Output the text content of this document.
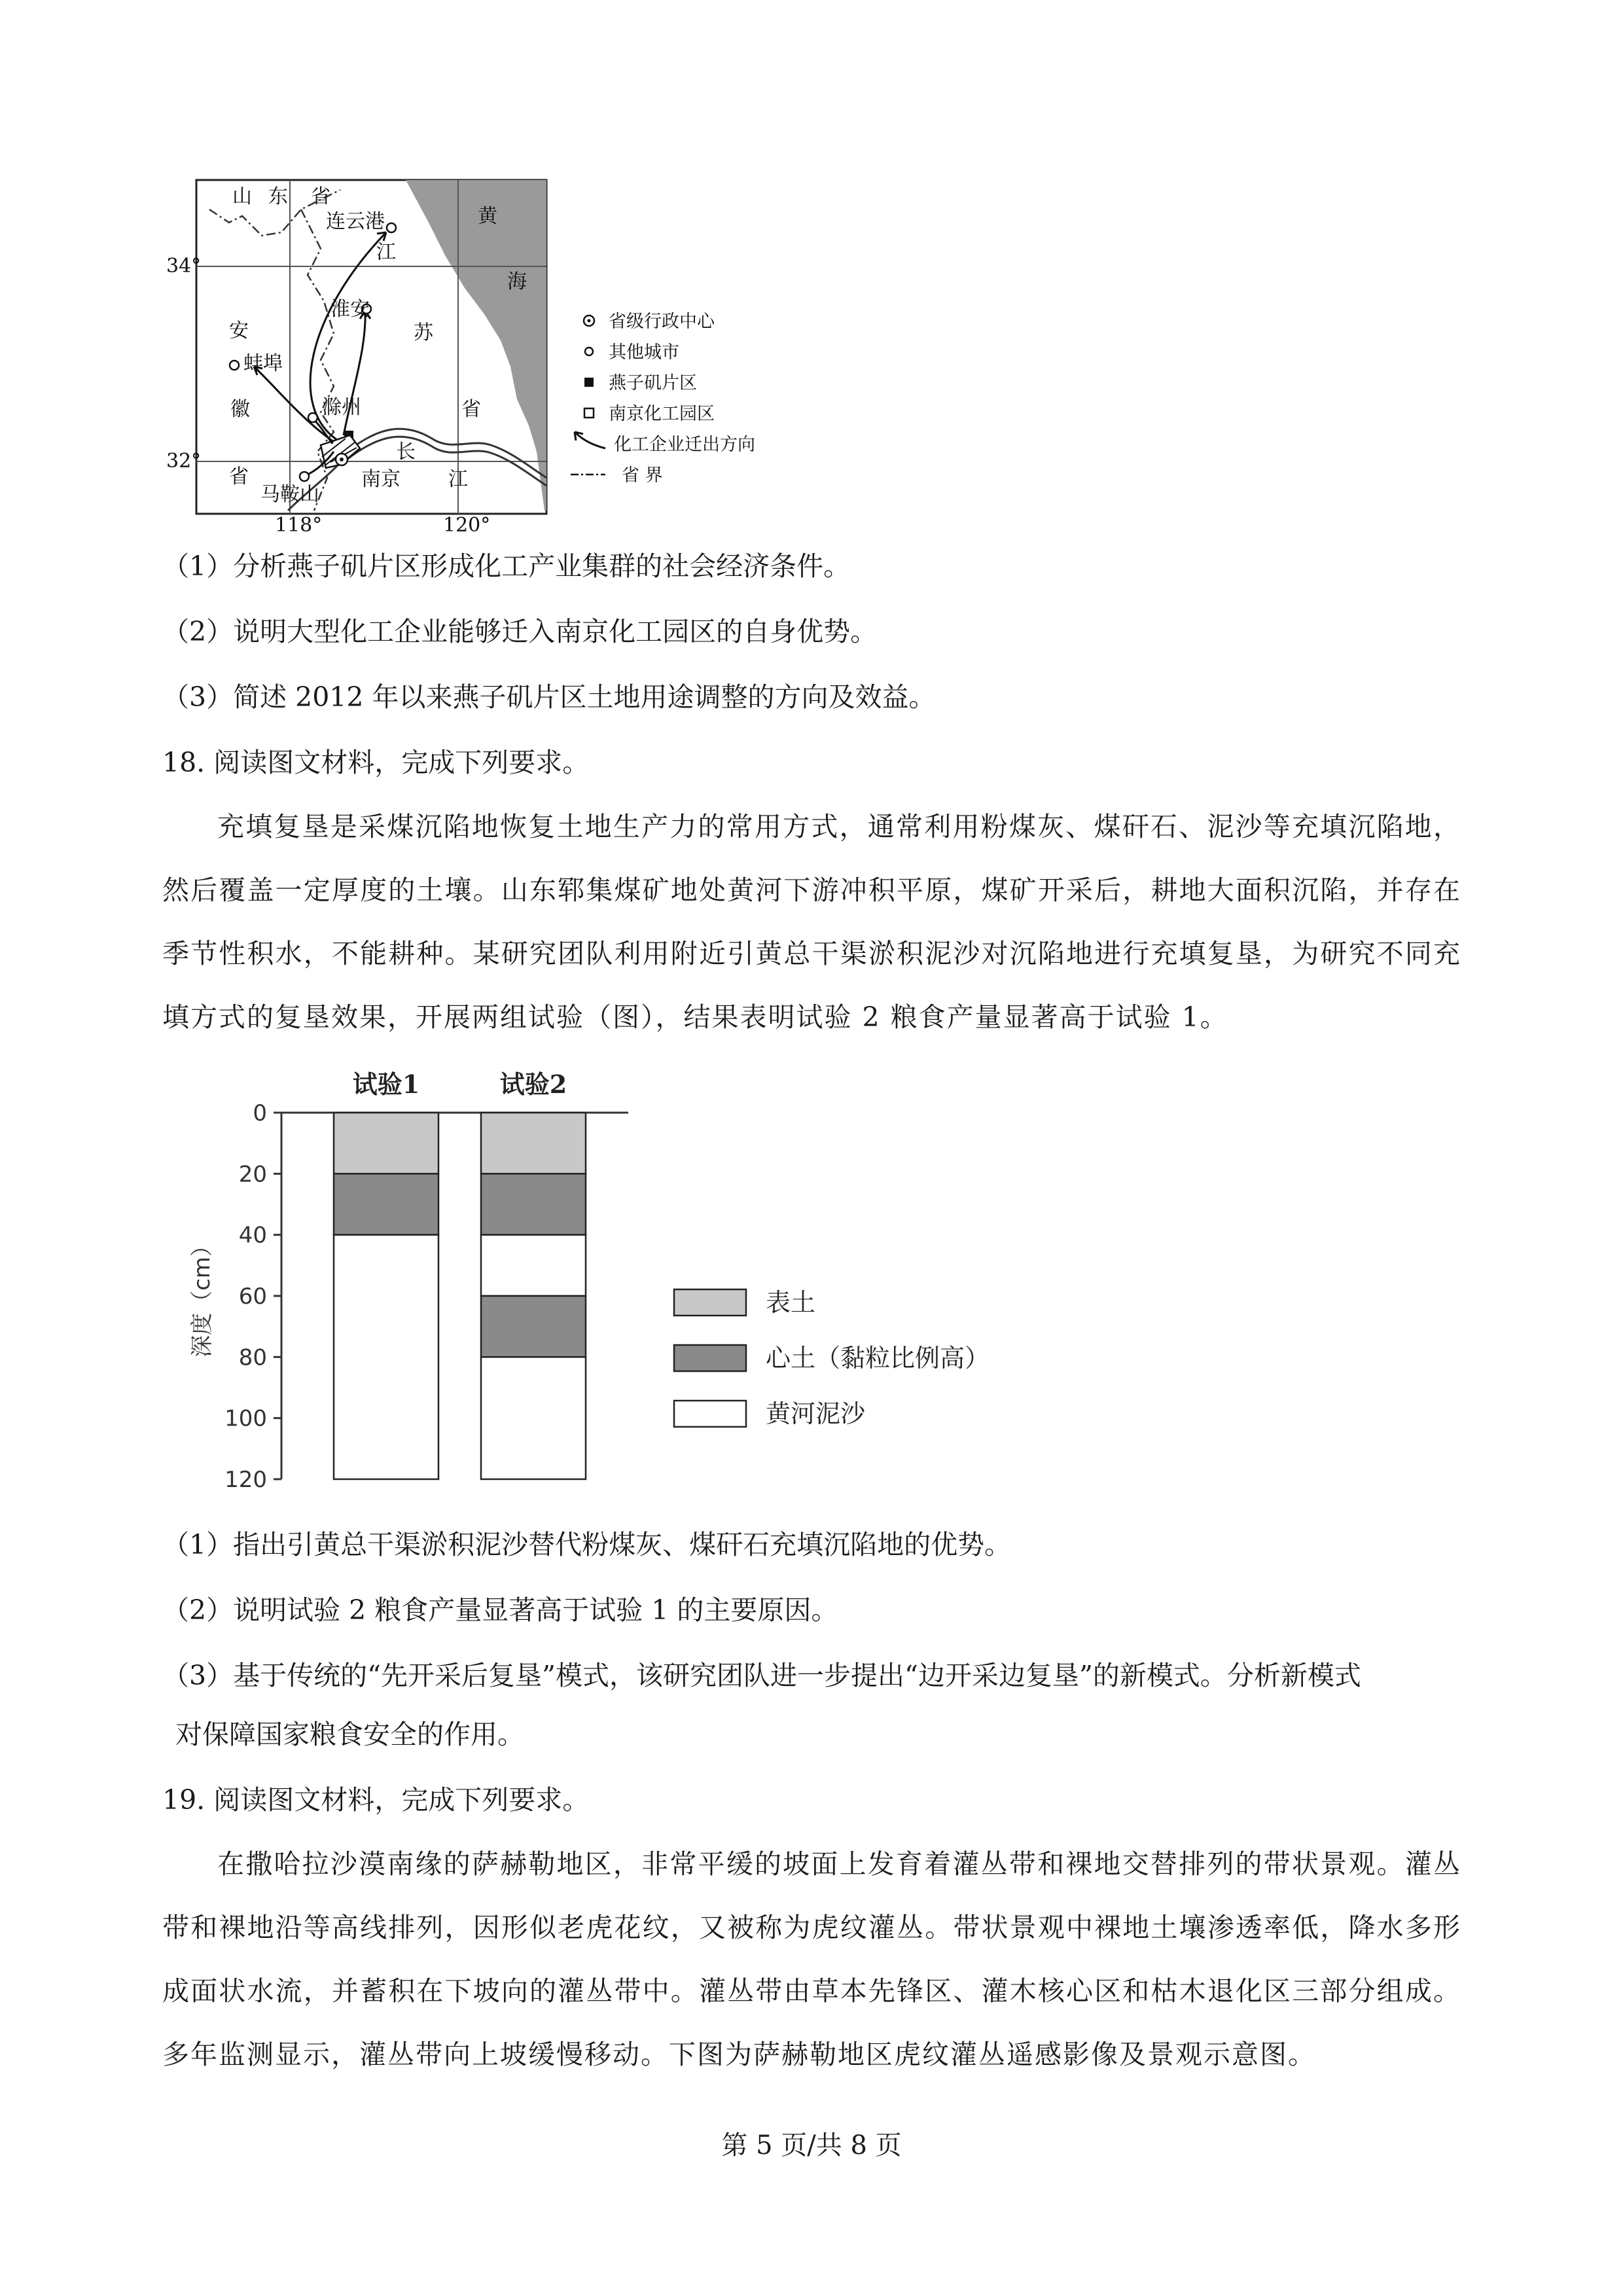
山 东 省
连云港
江
黄
海
淮安
苏
安
蚌埠
徽	滁州	省
长
南京 江
省
马鞍山
34°
32°
118°	120°
省级行政中心
其他城市
燕子矶片区
南京化工园区
化工企业迁出方向
省 界
（1）分析燕子矶片区形成化工产业集群的社会经济条件。
（2）说明大型化工企业能够迁入南京化工园区的自身优势。
（3）简述 2012 年以来燕子矶片区土地用途调整的方向及效益。
18. 阅读图文材料，完成下列要求。
充填复垦是采煤沉陷地恢复土地生产力的常用方式，通常利用粉煤灰、煤矸石、泥沙等充填沉陷地，然后覆盖一定厚度的土壤。山东郓集煤矿地处黄河下游冲积平原，煤矿开采后，耕地大面积沉陷，并存在季节性积水，不能耕种。某研究团队利用附近引黄总干渠淤积泥沙对沉陷地进行充填复垦，为研究不同充填方式的复垦效果，开展两组试验（图），结果表明试验 2 粮食产量显著高于试验 1。
0
20
40
60
80
100
120
深度（cm）
试验1	试验2
表土
心土（黏粒比例高）
黄河泥沙
（1）指出引黄总干渠淤积泥沙替代粉煤灰、煤矸石充填沉陷地的优势。
（2）说明试验 2 粮食产量显著高于试验 1 的主要原因。
（3）基于传统的“先开采后复垦”模式，该研究团队进一步提出“边开采边复垦”的新模式。分析新模式
对保障国家粮食安全的作用。
19. 阅读图文材料，完成下列要求。
在撒哈拉沙漠南缘的萨赫勒地区，非常平缓的坡面上发育着灌丛带和裸地交替排列的带状景观。灌丛带和裸地沿等高线排列，因形似老虎花纹，又被称为虎纹灌丛。带状景观中裸地土壤渗透率低，降水多形成面状水流，并蓄积在下坡向的灌丛带中。灌丛带由草本先锋区、灌木核心区和枯木退化区三部分组成。多年监测显示，灌丛带向上坡缓慢移动。下图为萨赫勒地区虎纹灌丛遥感影像及景观示意图。
第 5 页/共 8 页
